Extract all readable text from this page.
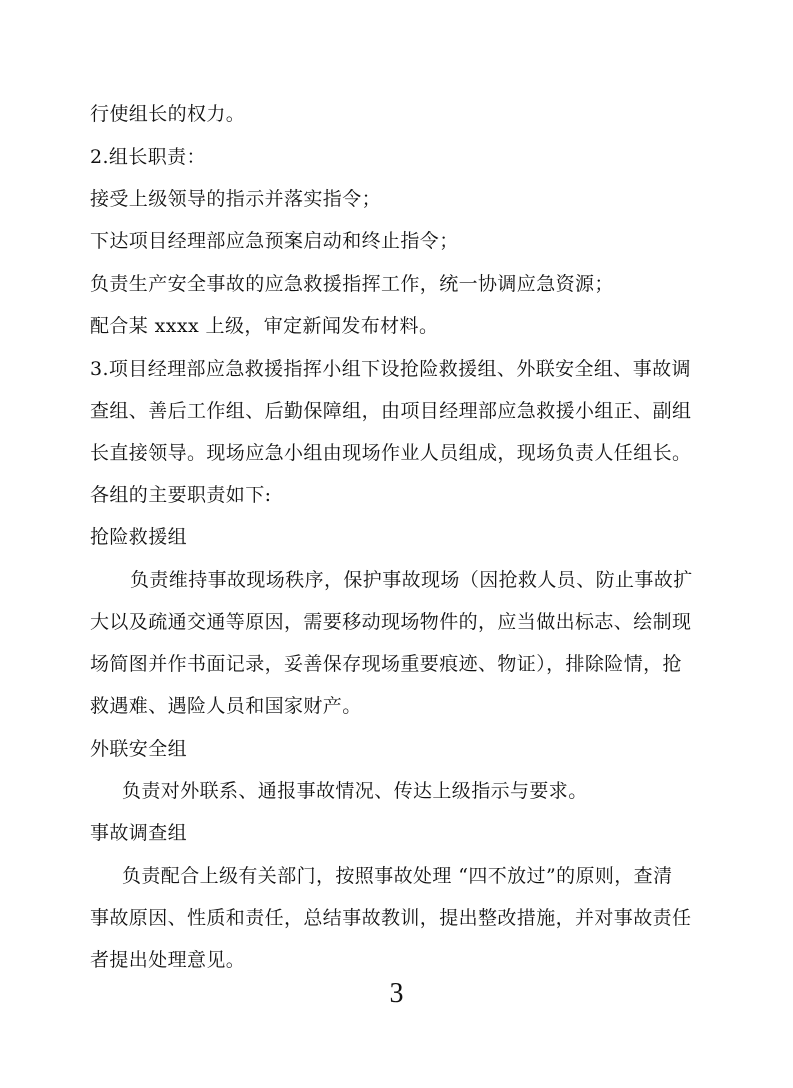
行使组长的权力。
2.组长职责：
接受上级领导的指示并落实指令；
下达项目经理部应急预案启动和终止指令；
负责生产安全事故的应急救援指挥工作，统一协调应急资源；
配合某 xxxx 上级，审定新闻发布材料。
3.项目经理部应急救援指挥小组下设抢险救援组、外联安全组、事故调
查组、善后工作组、后勤保障组，由项目经理部应急救援小组正、副组
长直接领导。现场应急小组由现场作业人员组成，现场负责人任组长。
各组的主要职责如下:
抢险救援组
负责维持事故现场秩序，保护事故现场（因抢救人员、防止事故扩
大以及疏通交通等原因，需要移动现场物件的，应当做出标志、绘制现
场简图并作书面记录，妥善保存现场重要痕迹、物证），排除险情，抢
救遇难、遇险人员和国家财产。
外联安全组
负责对外联系、通报事故情况、传达上级指示与要求。
事故调查组
负责配合上级有关部门，按照事故处理 “四不放过”的原则，查清
事故原因、性质和责任，总结事故教训，提出整改措施，并对事故责任
者提出处理意见。
3
